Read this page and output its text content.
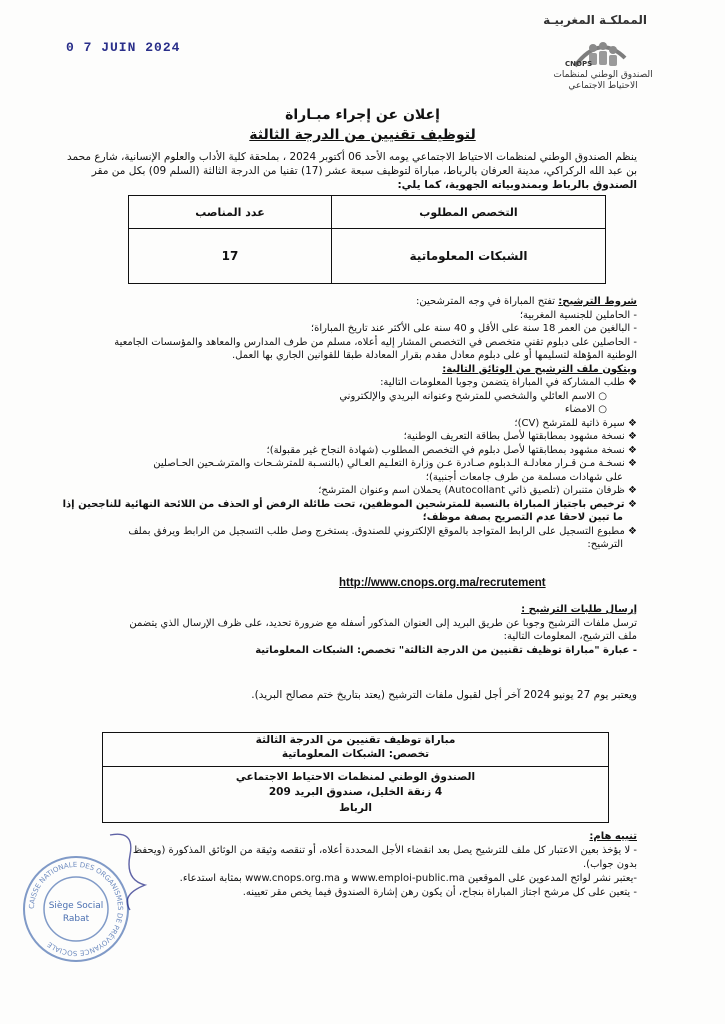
0 7 JUIN 2024
المملكـة المغربيـة
CNOPS
الصندوق الوطني لمنظمات الاحتياط الاجتماعي
إعلان عن إجراء مبـاراة
لتوظيف تقنيين من الدرجة الثالثة
ينظم الصندوق الوطني لمنظمات الاحتياط الاجتماعي يومه الأحد 06 أكتوبر 2024 ، بملحقة كلية الأداب والعلوم الإنسانية، شارع محمد
بن عبد الله الركراكي، مدينة العرفان بالرباط، مباراة لتوظيف سبعة عشر (17) تقنيا من الدرجة الثالثة (السلم 09) بكل من مقر
الصندوق بالرباط وبمندوبياته الجهوية، كما يلي:
عدد المناصب	التخصص المطلوب
17	الشبكات المعلوماتية
شروط الترشيح: تفتح المباراة في وجه المترشحين:
- الحاملين للجنسية المغربية؛
- البالغين من العمر 18 سنة على الأقل و 40 سنة على الأكثر عند تاريخ المباراة؛
- الحاصلين على دبلوم تقني متخصص في التخصص المشار إليه أعلاه، مسلم من طرف المدارس والمعاهد والمؤسسات الجامعية
الوطنية المؤهلة لتسليمها أو على دبلوم معادل مقدم بقرار المعادلة طبقا للقوانين الجاري بها العمل.
ويتكون ملف الترشيح من الوثائق التالية:
❖ طلب المشاركة في المباراة يتضمن وجوبا المعلومات التالية:
○ الاسم العائلي والشخصي للمترشح وعنوانه البريدي والإلكتروني
○ الامضاء
❖ سيرة ذاتية للمترشح (CV)؛
❖ نسخة مشهود بمطابقتها لأصل بطاقة التعريف الوطنية؛
❖ نسخة مشهود بمطابقتها لأصل دبلوم في التخصص المطلوب (شهادة النجاح غير مقبولة)؛
❖ نسخـة مـن قـرار معادلـة الـدبلوم صـادرة عـن وزارة التعلـيم العـالي (بالنسـبة للمترشـحات والمترشـحين الحـاصلين
على شهادات مسلمة من طرف جامعات أجنبية)؛
❖ ظرفان متنبران (تلصيق ذاتي Autocollant) يحملان اسم وعنوان المترشح؛
❖ ترخيص باجتياز المباراة بالنسبة للمترشحين الموظفين، تحت طائلة الرفض أو الحذف من اللائحة النهائية للناجحين إذا
ما تبين لاحقا عدم التصريح بصفة موظف؛
❖ مطبوع التسجيل على الرابط المتواجد بالموقع الإلكتروني للصندوق. يستخرج وصل طلب التسجيل من الرابط ويرفق بملف
الترشيح:
http://www.cnops.org.ma/recrutement
إرسال طلبات الترشيح :
ترسل ملفات الترشيح وجوبا عن طريق البريد إلى العنوان المذكور أسفله مع ضرورة تحديد، على ظرف الإرسال الذي يتضمن
ملف الترشيح، المعلومات التالية:
- عبارة "مباراة توظيف تقنيين من الدرجة الثالثة" تخصص: الشبكات المعلوماتية
ويعتبر يوم 27 يونيو 2024 آخر أجل لقبول ملفات الترشيح (يعتد بتاريخ ختم مصالح البريد).
مباراة توظيف تقنيين من الدرجة الثالثة
تخصص: الشبكات المعلوماتية
الصندوق الوطني لمنظمات الاحتياط الاجتماعي
4 زنقة الخليل، صندوق البريد 209
الرباط
تنبيه هام:
- لا يؤخذ بعين الاعتبار كل ملف للترشيح يصل بعد انقضاء الأجل المحددة أعلاه، أو تنقصه وثيقة من الوثائق المذكورة (ويحفظ
بدون جواب).
-يعتبر نشر لوائح المدعوين على الموقعين www.emploi-public.ma و www.cnops.org.ma بمثابة استدعاء.
- يتعين على كل مرشح اجتاز المباراة بنجاح، أن يكون رهن إشارة الصندوق فيما يخص مقر تعيينه.
CAISSE NATIONALE DES ORGANISMES DE PRÉVOYANCE SOCIALE
Siège Social
Rabat
